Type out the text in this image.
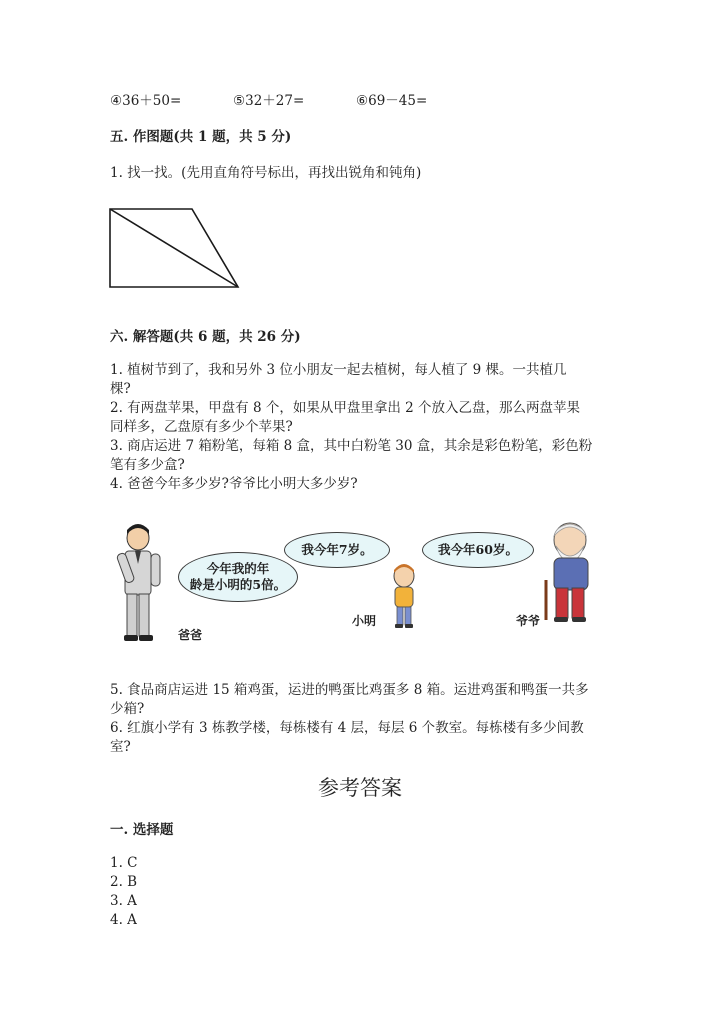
④36＋50=	⑤32＋27=	⑥69－45=
五. 作图题(共 1 题，共 5 分)
1. 找一找。(先用直角符号标出，再找出锐角和钝角)
六. 解答题(共 6 题，共 26 分)
1. 植树节到了，我和另外 3 位小朋友一起去植树，每人植了 9 棵。一共植几
棵?
2. 有两盘苹果，甲盘有 8 个，如果从甲盘里拿出 2 个放入乙盘，那么两盘苹果
同样多，乙盘原有多少个苹果?
3. 商店运进 7 箱粉笔，每箱 8 盒，其中白粉笔 30 盒，其余是彩色粉笔，彩色粉
笔有多少盒?
4. 爸爸今年多少岁?爷爷比小明大多少岁?
爸爸
今年我的年
龄是小明的5倍。
我今年7岁。
小明
我今年60岁。
爷爷
5. 食品商店运进 15 箱鸡蛋，运进的鸭蛋比鸡蛋多 8 箱。运进鸡蛋和鸭蛋一共多
少箱?
6. 红旗小学有 3 栋教学楼，每栋楼有 4 层，每层 6 个教室。每栋楼有多少间教
室?
参考答案
一. 选择题
1. C
2. B
3. A
4. A
